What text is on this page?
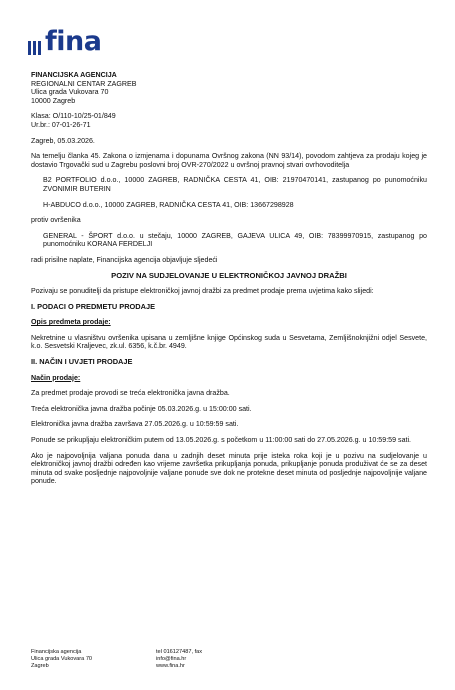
fina

FINANCIJSKA AGENCIJA

REGIONALNI CENTAR ZAGREB

Ulica grada Vukovara 70

10000 Zagreb

Klasa: O/110-10/25-01/849

Ur.br.: 07-01-26-71

Zagreb, 05.03.2026.

Na temelju članka 45. Zakona o izmjenama i dopunama Ovršnog zakona (NN 93/14), povodom zahtjeva za prodaju kojeg je dostavio Trgovački sud u Zagrebu poslovni broj OVR-270/2022 u ovršnoj pravnoj stvari ovrhovoditelja

B2 PORTFOLIO d.o.o., 10000 ZAGREB, RADNIČKA CESTA 41, OIB: 21970470141, zastupanog po punomoćniku ZVONIMIR BUTERIN

H-ABDUCO d.o.o., 10000 ZAGREB, RADNIČKA CESTA 41, OIB: 13667298928

protiv ovršenika

GENERAL - ŠPORT d.o.o. u stečaju, 10000 ZAGREB, GAJEVA ULICA 49, OIB: 78399970915, zastupanog po punomoćniku KORANA FERDELJI

radi prisilne naplate, Financijska agencija objavljuje sljedeći

POZIV NA SUDJELOVANJE U ELEKTRONIČKOJ JAVNOJ DRAŽBI

Pozivaju se ponuditelji da pristupe elektroničkoj javnoj dražbi za predmet prodaje prema uvjetima kako slijedi:

I. PODACI O PREDMETU PRODAJE

Opis predmeta prodaje:

Nekretnine u vlasništvu ovršenika upisana u zemljišne knjige Općinskog suda u Sesvetama, Zemljišnoknjižni odjel Sesvete, k.o. Sesvetski Kraljevec, zk.ul. 6356, k.č.br. 4949.

II. NAČIN I UVJETI PRODAJE

Način prodaje:

Za predmet prodaje provodi se treća elektronička javna dražba.

Treća elektronička javna dražba počinje 05.03.2026.g. u 15:00:00 sati.

Elektronička javna dražba završava 27.05.2026.g. u 10:59:59 sati.

Ponude se prikupljaju elektroničkim putem od 13.05.2026.g. s početkom u 11:00:00 sati do 27.05.2026.g. u 10:59:59 sati.

Ako je najpovoljnija valjana ponuda dana u zadnjih deset minuta prije isteka roka koji je u pozivu na sudjelovanje u elektroničkoj javnoj dražbi određen kao vrijeme završetka prikupljanja ponuda, prikupljanje ponuda produživat će se za deset minuta od svake posljednje najpovoljnije valjane ponude sve dok ne protekne deset minuta od posljednje najpovoljnije valjane ponude.

Financijska agencija
Ulica grada Vukovara 70
Zagreb
tel 016127487, fax
info@fina.hr
www.fina.hr
